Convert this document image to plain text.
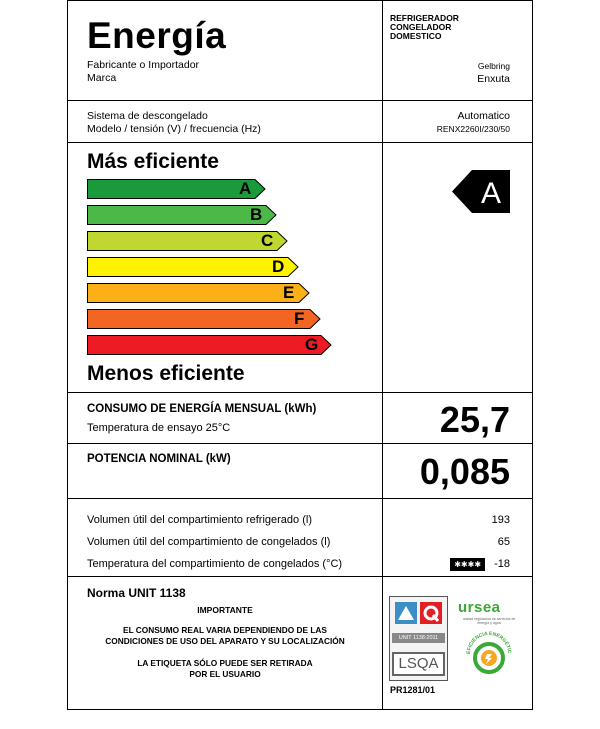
Energía
Fabricante o Importador
Marca
REFRIGERADOR
CONGELADOR
DOMESTICO
Gelbring
Enxuta
Sistema de descongelado
Modelo / tensión (V) / frecuencia (Hz)
Automatico
RENX2260I/230/50
Más eficiente
A
B
C
D
E
F
G
A
Menos eficiente
CONSUMO DE ENERGÍA MENSUAL (kWh)
Temperatura de ensayo 25°C	25,7
POTENCIA NOMINAL (kW)	0,085
Volumen útil del compartimiento refrigerado (l)
Volumen útil del compartimiento de congelados (l)
Temperatura del compartimiento de congelados (°C)
193
65
✱✱✱✱ -18
Norma UNIT 1138
IMPORTANTE
EL CONSUMO REAL VARIA DEPENDIENDO DE LAS
CONDICIONES DE USO DEL APARATO Y SU LOCALIZACIÓN
LA ETIQUETA SÓLO PUEDE SER RETIRADA
POR EL USUARIO
UNIT 1138:2011
LSQA
PR1281/01
ursea
unidad reguladora de servicios de energía y agua
EFICIENCIA ENERGÉTIC
